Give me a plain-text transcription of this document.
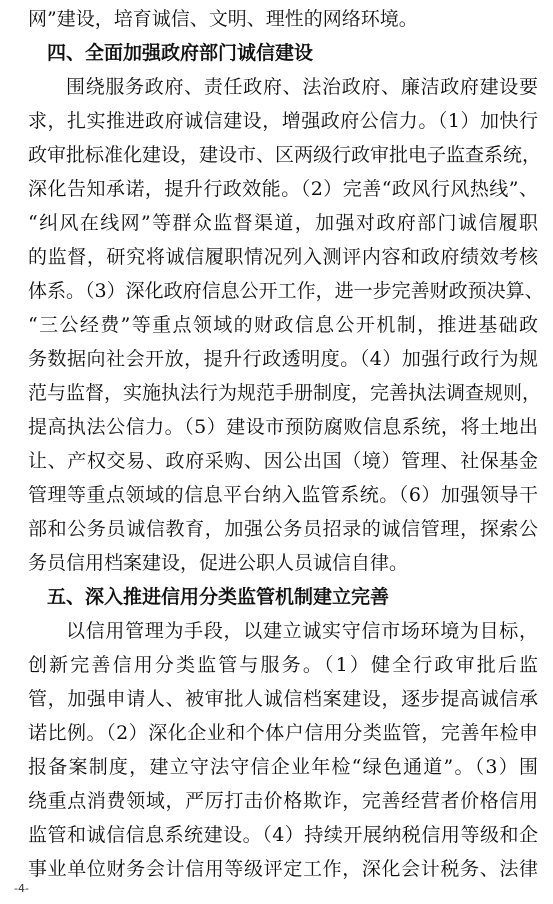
网”建设，培育诚信、文明、理性的网络环境。
四、全面加强政府部门诚信建设
围绕服务政府、责任政府、法治政府、廉洁政府建设要
求，扎实推进政府诚信建设，增强政府公信力。（1）加快行
政审批标准化建设，建设市、区两级行政审批电子监查系统，
深化告知承诺，提升行政效能。（2）完善“政风行风热线”、
“纠风在线网”等群众监督渠道，加强对政府部门诚信履职
的监督，研究将诚信履职情况列入测评内容和政府绩效考核
体系。（3）深化政府信息公开工作，进一步完善财政预决算、
“三公经费”等重点领域的财政信息公开机制，推进基础政
务数据向社会开放，提升行政透明度。（4）加强行政行为规
范与监督，实施执法行为规范手册制度，完善执法调查规则，
提高执法公信力。（5）建设市预防腐败信息系统，将土地出
让、产权交易、政府采购、因公出国（境）管理、社保基金
管理等重点领域的信息平台纳入监管系统。（6）加强领导干
部和公务员诚信教育，加强公务员招录的诚信管理，探索公
务员信用档案建设，促进公职人员诚信自律。
五、深入推进信用分类监管机制建立完善
以信用管理为手段，以建立诚实守信市场环境为目标，
创新完善信用分类监管与服务。（1）健全行政审批后监
管，加强申请人、被审批人诚信档案建设，逐步提高诚信承
诺比例。（2）深化企业和个体户信用分类监管，完善年检申
报备案制度，建立守法守信企业年检“绿色通道”。（3）围
绕重点消费领域，严厉打击价格欺诈，完善经营者价格信用
监管和诚信信息系统建设。（4）持续开展纳税信用等级和企
事业单位财务会计信用等级评定工作，深化会计税务、法律
-4-
